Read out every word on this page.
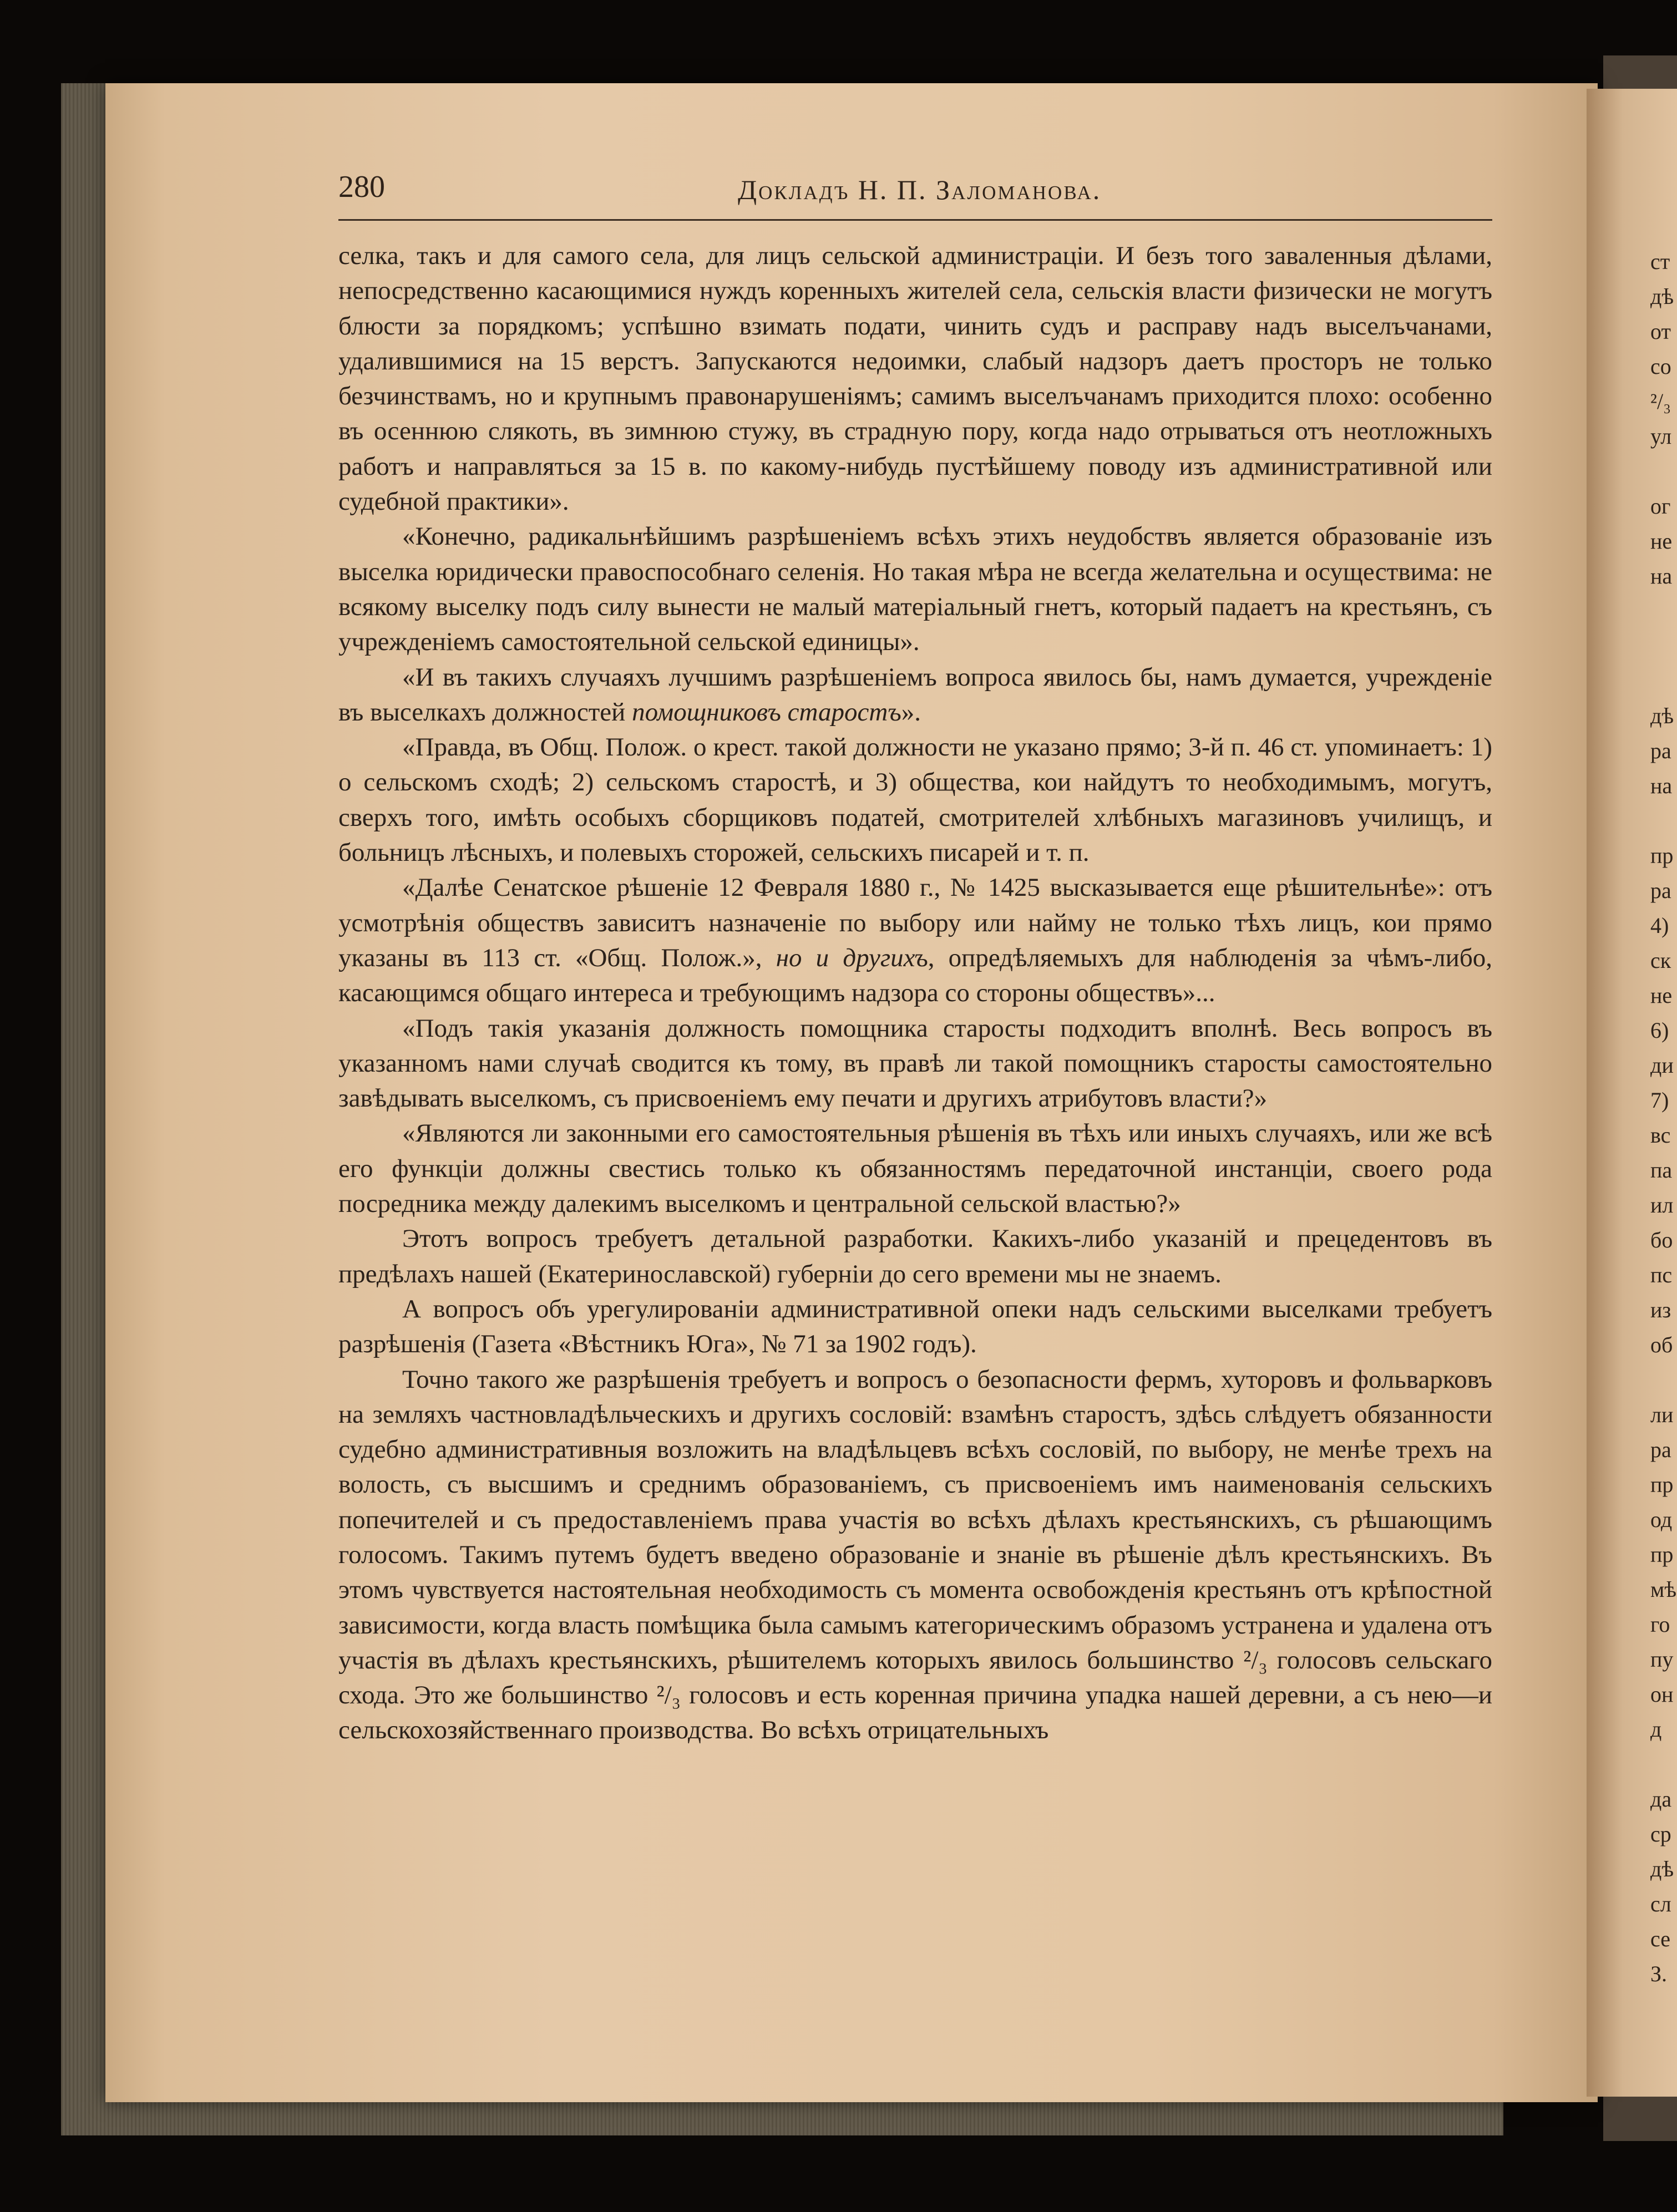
ст
дѣ
от
со
²/₃
ул
ог
не
на
дѣ
ра
на
пр
ра
4)
ск
не
6)
ди
7)
вс
па
ил
бо
пс
из
об
ли
ра
пр
од
пр
мѣ
го
пу
он
д
да
ср
дѣ
сл
се
З.
280	Докладъ Н. П. Заломанова.

селка, такъ и для самого села, для лицъ сельской администраціи. И безъ того заваленныя дѣлами, непосредственно касающимися нуждъ коренныхъ жителей села, сельскія власти физически не могутъ блюсти за порядкомъ; успѣшно взимать подати, чинить судъ и расправу надъ выселъчанами, удалившимися на 15 верстъ. Запускаются недоимки, слабый надзоръ даетъ просторъ не только безчинствамъ, но и крупнымъ правонарушеніямъ; самимъ выселъчанамъ приходится плохо: особенно въ осеннюю слякоть, въ зимнюю стужу, въ страдную пору, когда надо отрываться отъ неотложныхъ работъ и направляться за 15 в. по какому-нибудь пустѣйшему поводу изъ административной или судебной практики».

«Конечно, радикальнѣйшимъ разрѣшеніемъ всѣхъ этихъ неудобствъ является образованіе изъ выселка юридически правоспособнаго селенія. Но такая мѣра не всегда желательна и осуществима: не всякому выселку подъ силу вынести не малый матеріальный гнетъ, который падаетъ на крестьянъ, съ учрежденіемъ самостоятельной сельской единицы».

«И въ такихъ случаяхъ лучшимъ разрѣшеніемъ вопроса явилось бы, намъ думается, учрежденіе въ выселкахъ должностей помощниковъ старостъ».

«Правда, въ Общ. Полож. о крест. такой должности не указано прямо; 3-й п. 46 ст. упоминаетъ: 1) о сельскомъ сходѣ; 2) сельскомъ старостѣ, и 3) общества, кои найдутъ то необходимымъ, могутъ, сверхъ того, имѣть особыхъ сборщиковъ податей, смотрителей хлѣбныхъ магазиновъ училищъ, и больницъ лѣсныхъ, и полевыхъ сторожей, сельскихъ писарей и т. п.

«Далѣе Сенатское рѣшеніе 12 Февраля 1880 г., № 1425 высказывается еще рѣшительнѣе»: отъ усмотрѣнія обществъ зависитъ назначеніе по выбору или найму не только тѣхъ лицъ, кои прямо указаны въ 113 ст. «Общ. Полож.», но и другихъ, опредѣляемыхъ для наблюденія за чѣмъ-либо, касающимся общаго интереса и требующимъ надзора со стороны обществъ»...

«Подъ такія указанія должность помощника старосты подходитъ вполнѣ. Весь вопросъ въ указанномъ нами случаѣ сводится къ тому, въ правѣ ли такой помощникъ старосты самостоятельно завѣдывать выселкомъ, съ присвоеніемъ ему печати и другихъ атрибутовъ власти?»

«Являются ли законными его самостоятельныя рѣшенія въ тѣхъ или иныхъ случаяхъ, или же всѣ его функціи должны свестись только къ обязанностямъ передаточной инстанціи, своего рода посредника между далекимъ выселкомъ и центральной сельской властью?»

Этотъ вопросъ требуетъ детальной разработки. Какихъ-либо указаній и прецедентовъ въ предѣлахъ нашей (Екатеринославской) губерніи до сего времени мы не знаемъ.

А вопросъ объ урегулированіи административной опеки надъ сельскими выселками требуетъ разрѣшенія (Газета «Вѣстникъ Юга», № 71 за 1902 годъ).

Точно такого же разрѣшенія требуетъ и вопросъ о безопасности фермъ, хуторовъ и фольварковъ на земляхъ частновладѣльческихъ и другихъ сословій: взамѣнъ старостъ, здѣсь слѣдуетъ обязанности судебно административныя возложить на владѣльцевъ всѣхъ сословій, по выбору, не менѣе трехъ на волость, съ высшимъ и среднимъ образованіемъ, съ присвоеніемъ имъ наименованія сельскихъ попечителей и съ предоставленіемъ права участія во всѣхъ дѣлахъ крестьянскихъ, съ рѣшающимъ голосомъ. Такимъ путемъ будетъ введено образованіе и знаніе въ рѣшеніе дѣлъ крестьянскихъ. Въ этомъ чувствуется настоятельная необходимость съ момента освобожденія крестьянъ отъ крѣпостной зависимости, когда власть помѣщика была самымъ категорическимъ образомъ устранена и удалена отъ участія въ дѣлахъ крестьянскихъ, рѣшителемъ которыхъ явилось большинство ²/₃ голосовъ сельскаго схода. Это же большинство ²/₃ голосовъ и есть коренная причина упадка нашей деревни, а съ нею—и сельскохозяйственнаго производства. Во всѣхъ отрицательныхъ
